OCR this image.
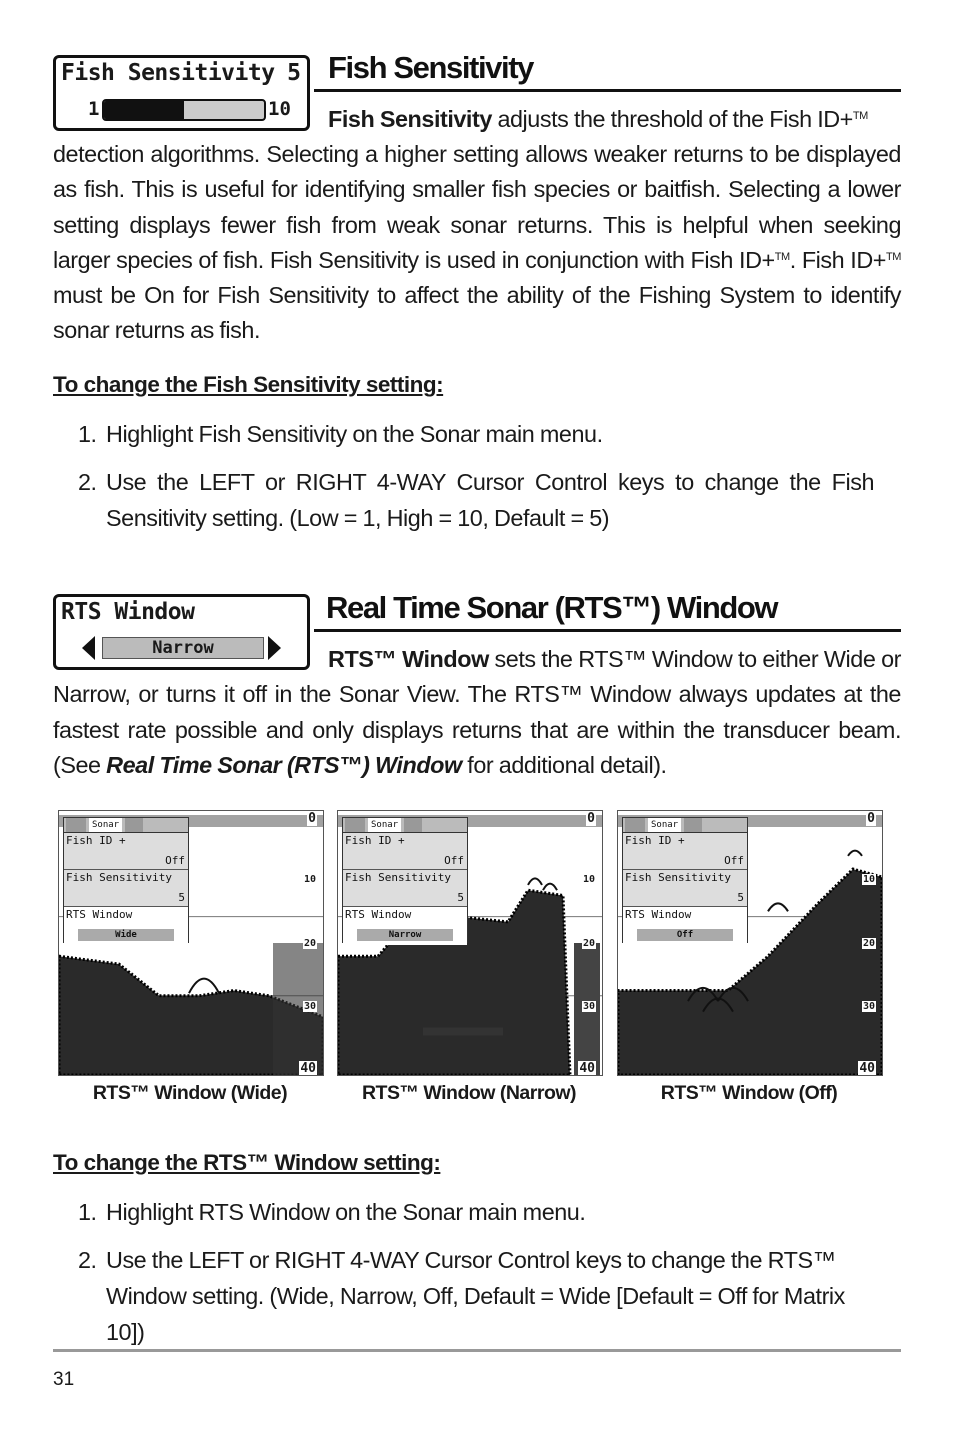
Fish Sensitivity 5
1	10
Fish Sensitivity
Fish Sensitivity adjusts the threshold of the Fish ID+™
detection algorithms. Selecting a higher setting allows weaker returns to be displayed as fish. This is useful for identifying smaller fish species or baitfish. Selecting a lower setting displays fewer fish from weak sonar returns. This is helpful when seeking larger species of fish. Fish Sensitivity is used in conjunction with Fish ID+™. Fish ID+™ must be On for Fish Sensitivity to affect the ability of the Fishing System to identify sonar returns as fish.
To change the Fish Sensitivity setting:
1. Highlight Fish Sensitivity on the Sonar main menu.
2. Use the LEFT or RIGHT 4-WAY Cursor Control keys to change the Fish Sensitivity setting. (Low = 1, High = 10, Default = 5)
RTS Window
Narrow
Real Time Sonar (RTS™) Window
RTS™ Window sets the RTS™ Window to either Wide or Narrow, or turns it off in the Sonar View. The RTS™ Window always updates at the fastest rate possible and only displays returns that are within the transducer beam. (See Real Time Sonar (RTS™) Window for additional detail).
0
10
20
30
40
Sonar
Fish ID +
Off
Fish Sensitivity
5
RTS Window
Wide
RTS™ Window (Wide)
0
10
20
30
40
Sonar
Fish ID +
Off
Fish Sensitivity
5
RTS Window
Narrow
RTS™ Window (Narrow)
0
10
20
30
40
Sonar
Fish ID +
Off
Fish Sensitivity
5
RTS Window
Off
RTS™ Window (Off)
To change the RTS™ Window setting:
1. Highlight RTS Window on the Sonar main menu.
2. Use the LEFT or RIGHT 4-WAY Cursor Control keys to change the RTS™ Window setting. (Wide, Narrow, Off, Default = Wide [Default = Off for Matrix 10])
31
